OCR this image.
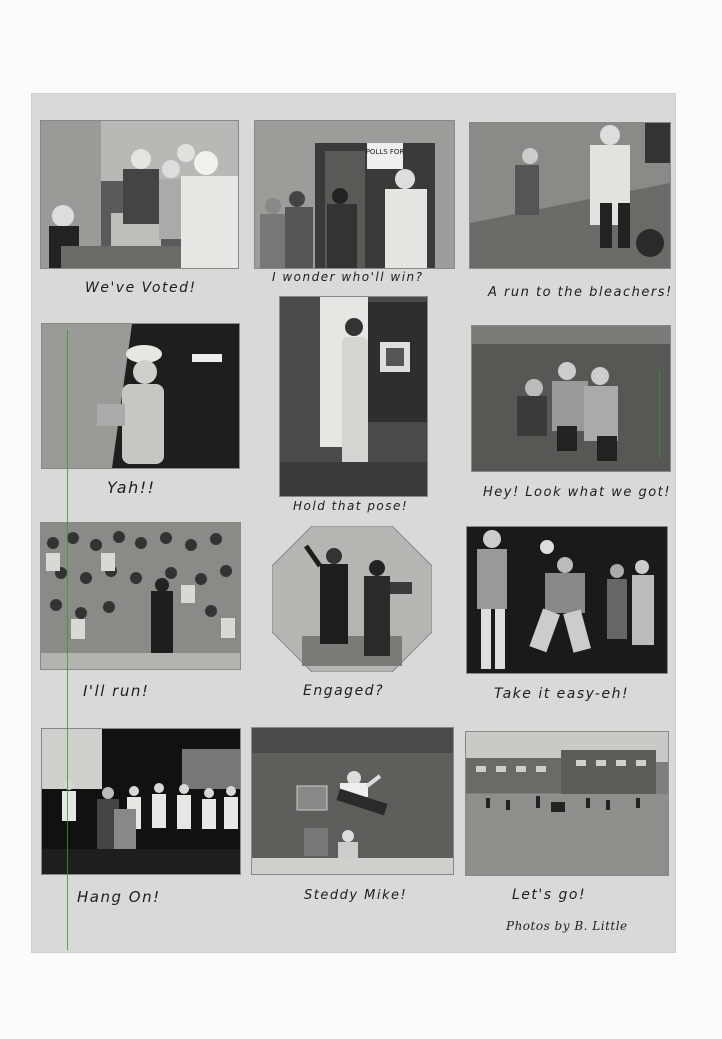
We've Voted!
POLLS FOR
I wonder who'll win?
A run to the bleachers!
Yah!!
Hold that pose!
Hey! Look what we got!
I'll run!	Engaged?	Take it easy-eh!
Hang On!	Steddy Mike!	Let's go!
Photos by B. Little
